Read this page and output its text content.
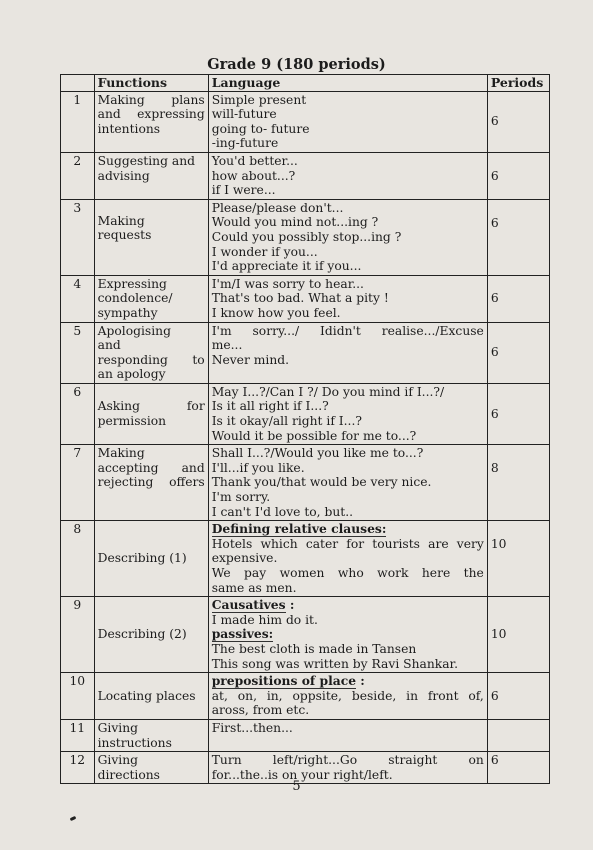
Grade 9 (180 periods)
	Functions	Language	Periods
1	Making plans
and expressing
intentions	Simple present
will-future
going to- future
-ing-future	6
2	Suggesting and
advising	You'd better...
how about...?
if I were...	6
3	Making
requests	Please/please don't...
Would you mind not...ing ?
Could you possibly stop...ing ?
I wonder if you...
I'd appreciate it if you...	6
4	Expressing
condolence/
sympathy	I'm/I was sorry to hear...
That's too bad. What a pity !
I know how you feel.	6
5	Apologising
and
responding to
an apology	I'm sorry.../ Ididn't realise.../Excuse
me...
Never mind.	6
6	Asking for
permission	May I...?/Can I ?/ Do you mind if I...?/
Is it all right if I...?
Is it okay/all right if I...?
Would it be possible for me to...?	6
7	Making
accepting and
rejecting offers	Shall I...?/Would you like me to...?
I'll...if you like.
Thank you/that would be very nice.
I'm sorry.
I can't I'd love to, but..	8
8	Describing (1)	Defining relative clauses:
Hotels which cater for tourists are very
expensive.
We pay women who work here the
same as men.	10
9	Describing (2)	Causatives :
I made him do it.
passives:
The best cloth is made in Tansen
This song was written by Ravi Shankar.	10
10	Locating places	prepositions of place :
at, on, in, oppsite, beside, in front of,
aross, from etc.	6
11	Giving
instructions	First...then...	

12	Giving
directions	Turn left/right...Go straight on
for...the..is on your right/left.	6
5
